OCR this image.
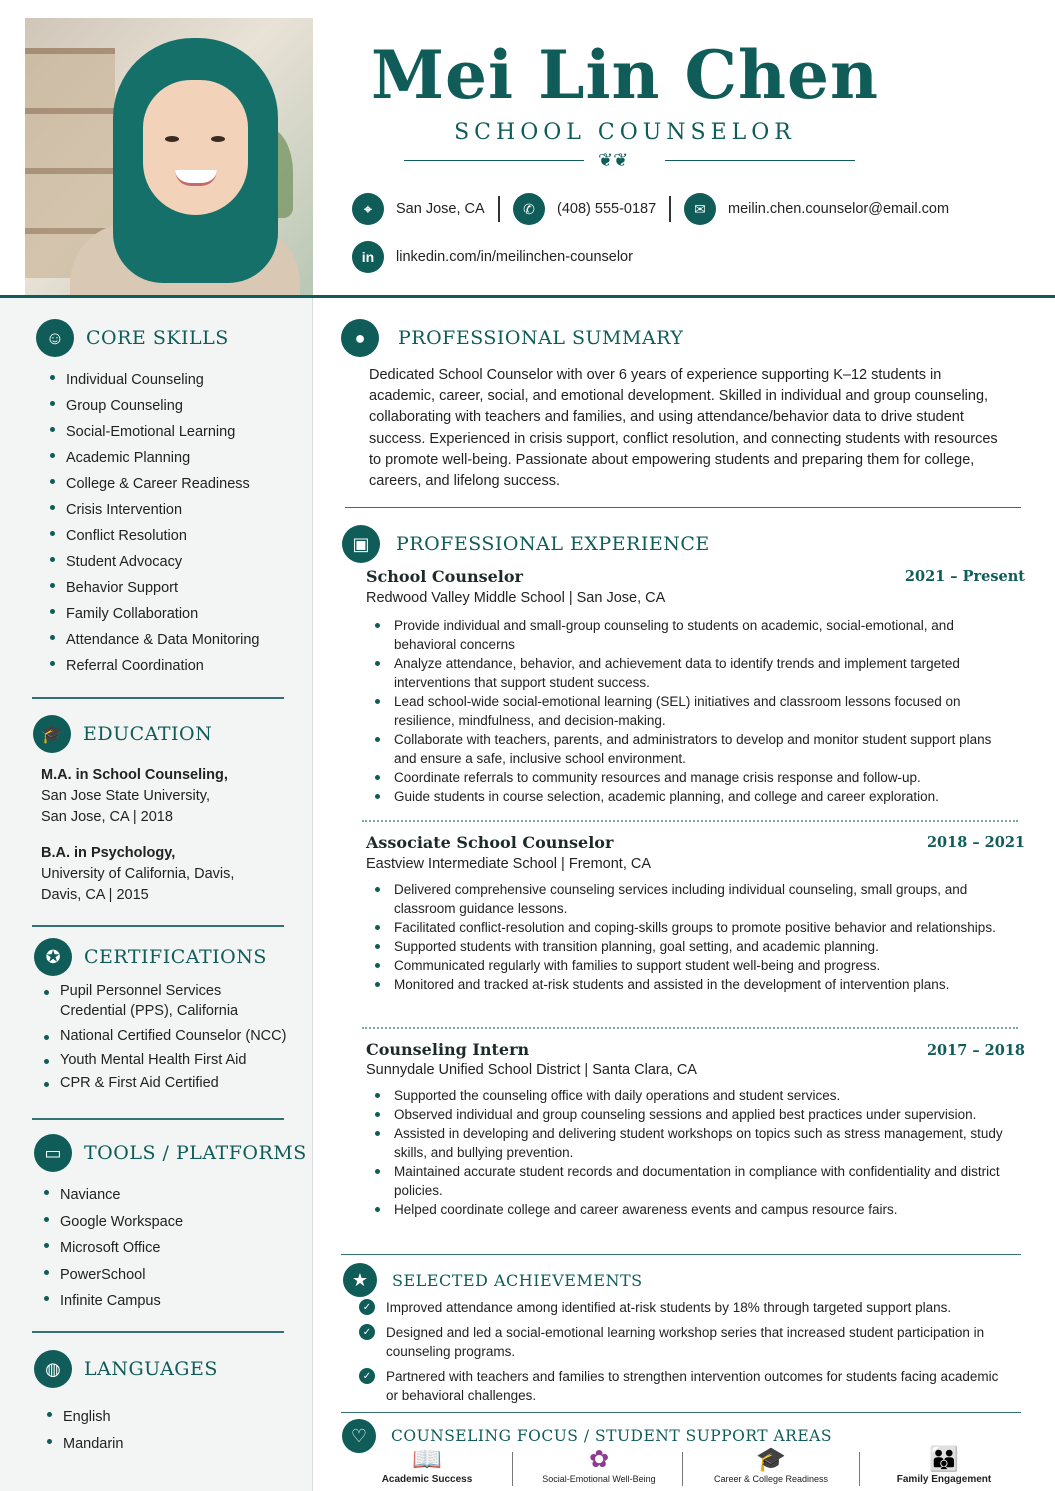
Mei Lin Chen
SCHOOL COUNSELOR
❦❦
⌖	San Jose, CA	✆	(408) 555-0187	✉	meilin.chen.counselor@email.com
in	linkedin.com/in/meilinchen-counselor
☺	CORE SKILLS
Individual Counseling
Group Counseling
Social-Emotional Learning
Academic Planning
College & Career Readiness
Crisis Intervention
Conflict Resolution
Student Advocacy
Behavior Support
Family Collaboration
Attendance & Data Monitoring
Referral Coordination
🎓	EDUCATION
M.A. in School Counseling,
San Jose State University,
San Jose, CA | 2018
B.A. in Psychology,
University of California, Davis,
Davis, CA | 2015
✪	CERTIFICATIONS
Pupil Personnel Services
Credential (PPS), California
National Certified Counselor (NCC)
Youth Mental Health First Aid
CPR & First Aid Certified
▭	TOOLS / PLATFORMS
Naviance
Google Workspace
Microsoft Office
PowerSchool
Infinite Campus
◍	LANGUAGES
English
Mandarin
●	PROFESSIONAL SUMMARY
Dedicated School Counselor with over 6 years of experience supporting K–12 students in academic, career, social, and emotional development. Skilled in individual and group counseling, collaborating with teachers and families, and using attendance/behavior data to drive student success. Experienced in crisis support, conflict resolution, and connecting students with resources to promote well-being. Passionate about empowering students and preparing them for college, careers, and lifelong success.
▣	PROFESSIONAL EXPERIENCE
School Counselor	2021 – Present
Redwood Valley Middle School | San Jose, CA
Provide individual and small-group counseling to students on academic, social-emotional, and behavioral concerns
Analyze attendance, behavior, and achievement data to identify trends and implement targeted interventions that support student success.
Lead school-wide social-emotional learning (SEL) initiatives and classroom lessons focused on resilience, mindfulness, and decision-making.
Collaborate with teachers, parents, and administrators to develop and monitor student support plans and ensure a safe, inclusive school environment.
Coordinate referrals to community resources and manage crisis response and follow-up.
Guide students in course selection, academic planning, and college and career exploration.
Associate School Counselor	2018 – 2021
Eastview Intermediate School | Fremont, CA
Delivered comprehensive counseling services including individual counseling, small groups, and classroom guidance lessons.
Facilitated conflict-resolution and coping-skills groups to promote positive behavior and relationships.
Supported students with transition planning, goal setting, and academic planning.
Communicated regularly with families to support student well-being and progress.
Monitored and tracked at-risk students and assisted in the development of intervention plans.
Counseling Intern	2017 – 2018
Sunnydale Unified School District | Santa Clara, CA
Supported the counseling office with daily operations and student services.
Observed individual and group counseling sessions and applied best practices under supervision.
Assisted in developing and delivering student workshops on topics such as stress management, study skills, and bullying prevention.
Maintained accurate student records and documentation in compliance with confidentiality and district policies.
Helped coordinate college and career awareness events and campus resource fairs.
★	SELECTED ACHIEVEMENTS
✓ Improved attendance among identified at-risk students by 18% through targeted support plans.
✓ Designed and led a social-emotional learning workshop series that increased student participation in counseling programs.
✓ Partnered with teachers and families to strengthen intervention outcomes for students facing academic or behavioral challenges.
♡	COUNSELING FOCUS / STUDENT SUPPORT AREAS
📖
Academic Success
✿
Social-Emotional Well-Being
🎓
Career & College Readiness
👪
Family Engagement
